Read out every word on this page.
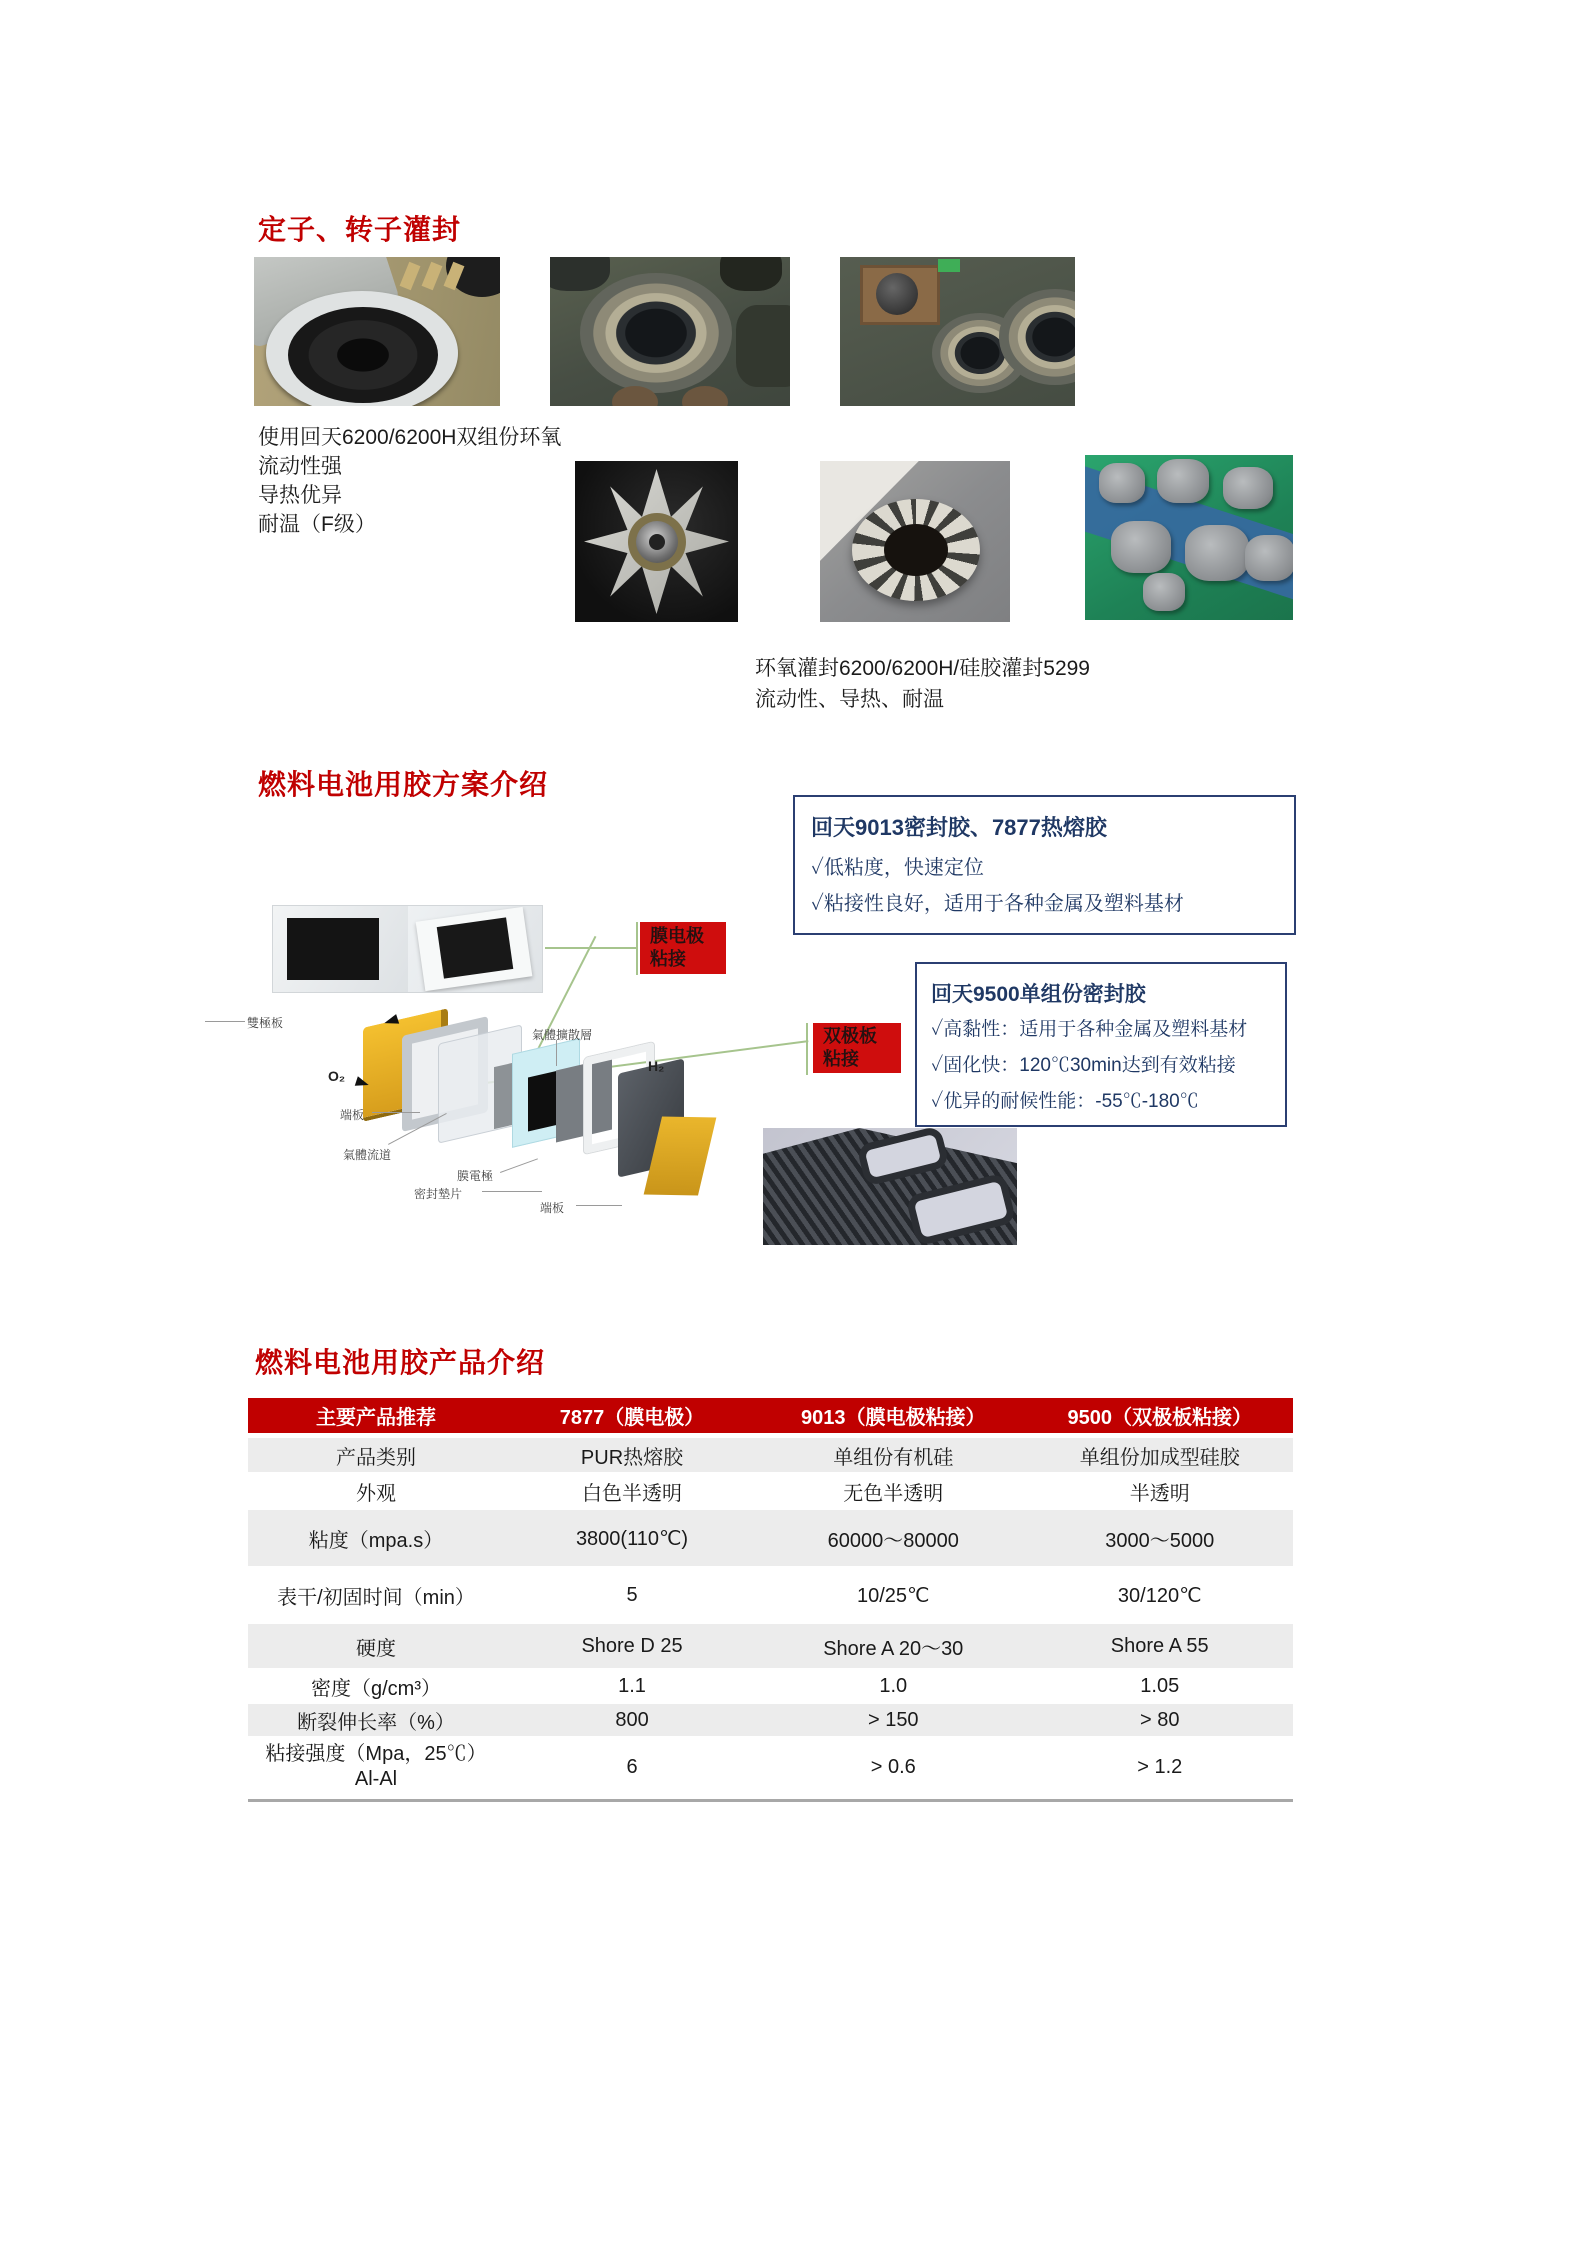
定子、转子灌封
使用回天6200/6200H双组份环氧
流动性强
导热优异
耐温（F级）
环氧灌封6200/6200H/硅胶灌封5299
流动性、导热、耐温
燃料电池用胶方案介绍
回天9013密封胶、7877热熔胶
✓低粘度，快速定位
✓粘接性良好，适用于各种金属及塑料基材
回天9500单组份密封胶
✓高黏性：适用于各种金属及塑料基材
✓固化快：120℃30min达到有效粘接
✓优异的耐候性能：-55℃-180℃
膜电极
粘接
双极板
粘接
雙極板
氣體擴散層
O₂
端板
氣體流道
膜電極
密封墊片
端板
H₂
燃料电池用胶产品介绍
主要产品推荐	7877（膜电极）	9013（膜电极粘接）	9500（双极板粘接）
产品类别	PUR热熔胶	单组份有机硅	单组份加成型硅胶
外观	白色半透明	无色半透明	半透明
粘度（mpa.s）	3800(110℃)	60000～80000	3000～5000
表干/初固时间（min）	5	10/25℃	30/120℃
硬度	Shore D 25	Shore A 20～30	Shore A 55
密度（g/cm³）	1.1	1.0	1.05
断裂伸长率（%）	800	> 150	> 80
粘接强度（Mpa，25℃）
Al-Al
6	> 0.6	> 1.2
